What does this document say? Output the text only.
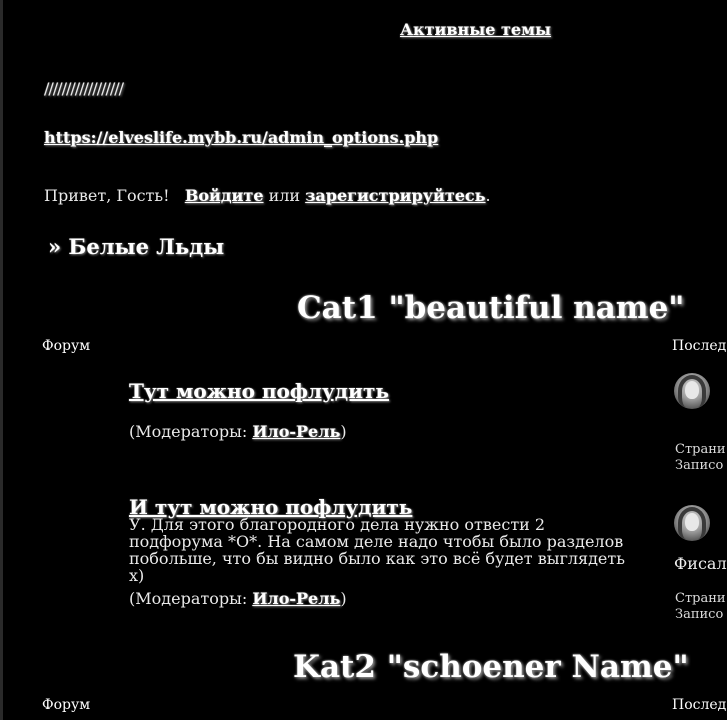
Активные темы
//////////////////
https://elveslife.mybb.ru/admin_options.php
Привет, Гость! Войдите или зарегистрируйтесь.
» Белые Льды
Cat1 "beautiful name"
Форум	Послед
Тут можно пофлудить
(Модераторы: Ило-Рель)
Страни
Записо
И тут можно пофлудить
У. Для этого благородного дела нужно отвести 2 подфорума *О*. На самом деле надо чтобы было разделов побольше, что бы видно было как это всё будет выглядеть х)
(Модераторы: Ило-Рель)
Фисал
Страни
Записо
Kat2 "schoener Name"
Форум	Послед
